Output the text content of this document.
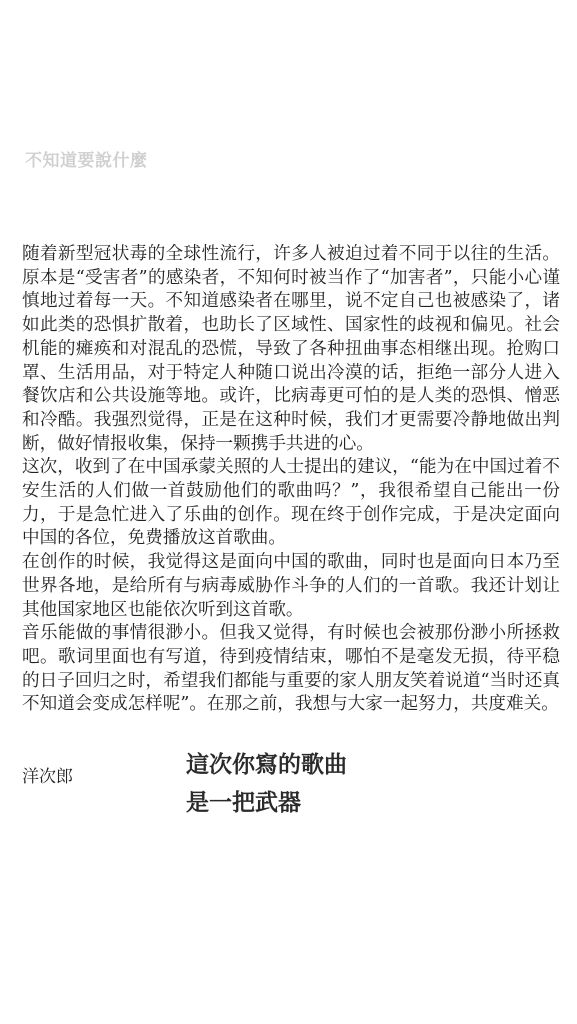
不知道要說什麼

随着新型冠状毒的全球性流行，许多人被迫过着不同于以往的生活。原本是“受害者”的感染者，不知何时被当作了“加害者”，只能小心谨慎地过着每一天。不知道感染者在哪里，说不定自己也被感染了，诸如此类的恐惧扩散着，也助长了区域性、国家性的歧视和偏见。社会机能的瘫痪和对混乱的恐慌，导致了各种扭曲事态相继出现。抢购口罩、生活用品，对于特定人种随口说出冷漠的话，拒绝一部分人进入餐饮店和公共设施等地。或许，比病毒更可怕的是人类的恐惧、憎恶和冷酷。我强烈觉得，正是在这种时候，我们才更需要冷静地做出判断，做好情报收集，保持一颗携手共进的心。

这次，收到了在中国承蒙关照的人士提出的建议，“能为在中国过着不安生活的人们做一首鼓励他们的歌曲吗？”，我很希望自己能出一份力，于是急忙进入了乐曲的创作。现在终于创作完成，于是决定面向中国的各位，免费播放这首歌曲。

在创作的时候，我觉得这是面向中国的歌曲，同时也是面向日本乃至世界各地，是给所有与病毒威胁作斗争的人们的一首歌。我还计划让其他国家地区也能依次听到这首歌。

音乐能做的事情很渺小。但我又觉得，有时候也会被那份渺小所拯救吧。歌词里面也有写道，待到疫情结束，哪怕不是毫发无损，待平稳的日子回归之时，希望我们都能与重要的家人朋友笑着说道“当时还真不知道会变成怎样呢”。在那之前，我想与大家一起努力，共度难关。

洋次郎	這次你寫的歌曲
是一把武器
